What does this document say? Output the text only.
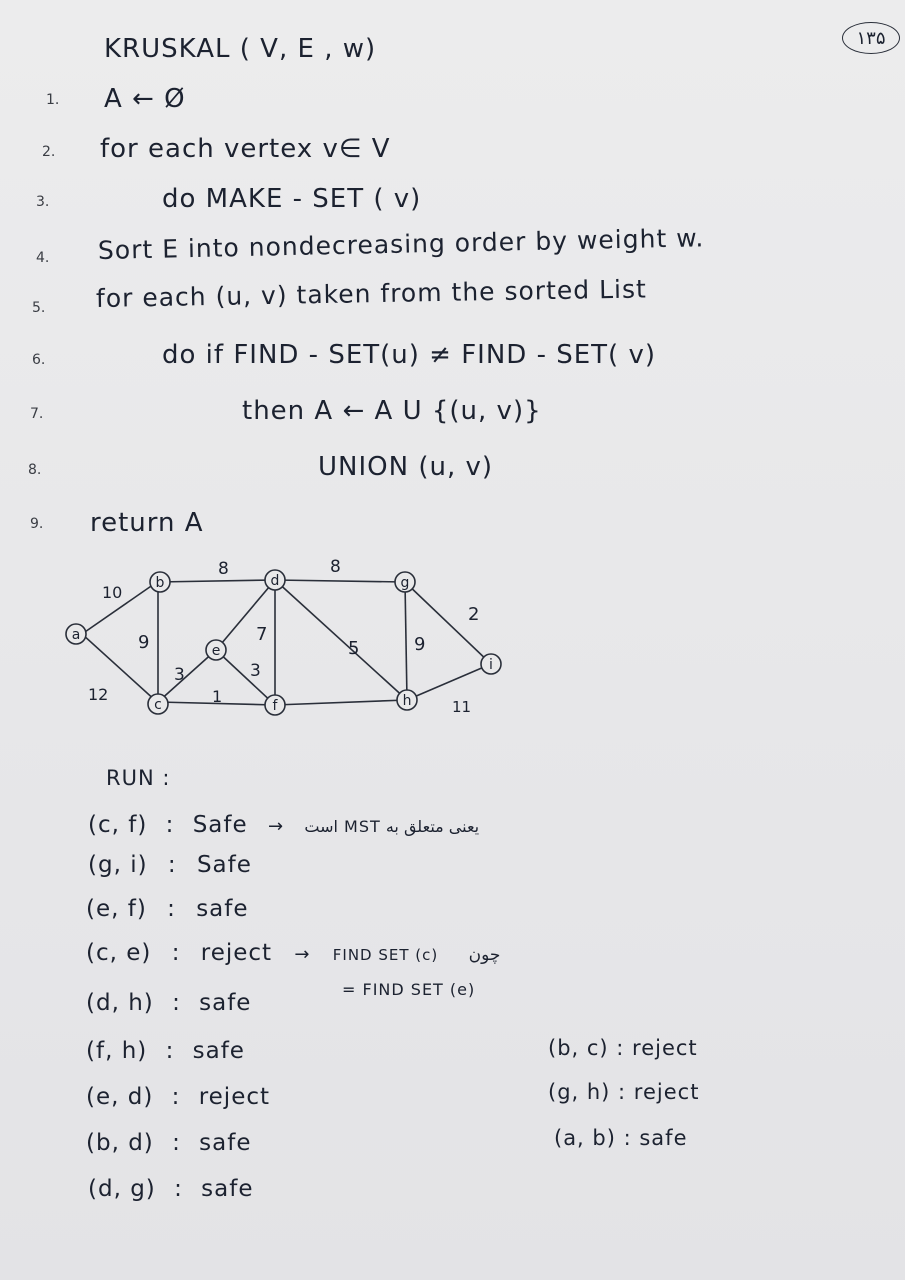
١٣۵
KRUSKAL ( V, E , w)
1. A ← Ø
2. for each vertex v∈ V
3.	do MAKE - SET ( v)
4. Sort E into nondecreasing order by weight w.
5. for each (u, v) taken from the sorted List
6.	do if FIND - SET(u) ≠ FIND - SET( v)
7.	then A ← A U {(u, v)}
8.	UNION (u, v)
9. return A
10
12
9
8
3
1
7
3
8
5	9
2
11
a
b
c
d
e
f
g
h
i
RUN :
(c, f) : Safe → یعنی متعلق به MST است
(g, i) : Safe
(e, f) : safe
(c, e) : reject → FIND SET (c) چون
= FIND SET (e)
(d, h) : safe
(f, h) : safe
(e, d) : reject
(b, d) : safe
(d, g) : safe
(b, c) : reject
(g, h) : reject
(a, b) : safe
